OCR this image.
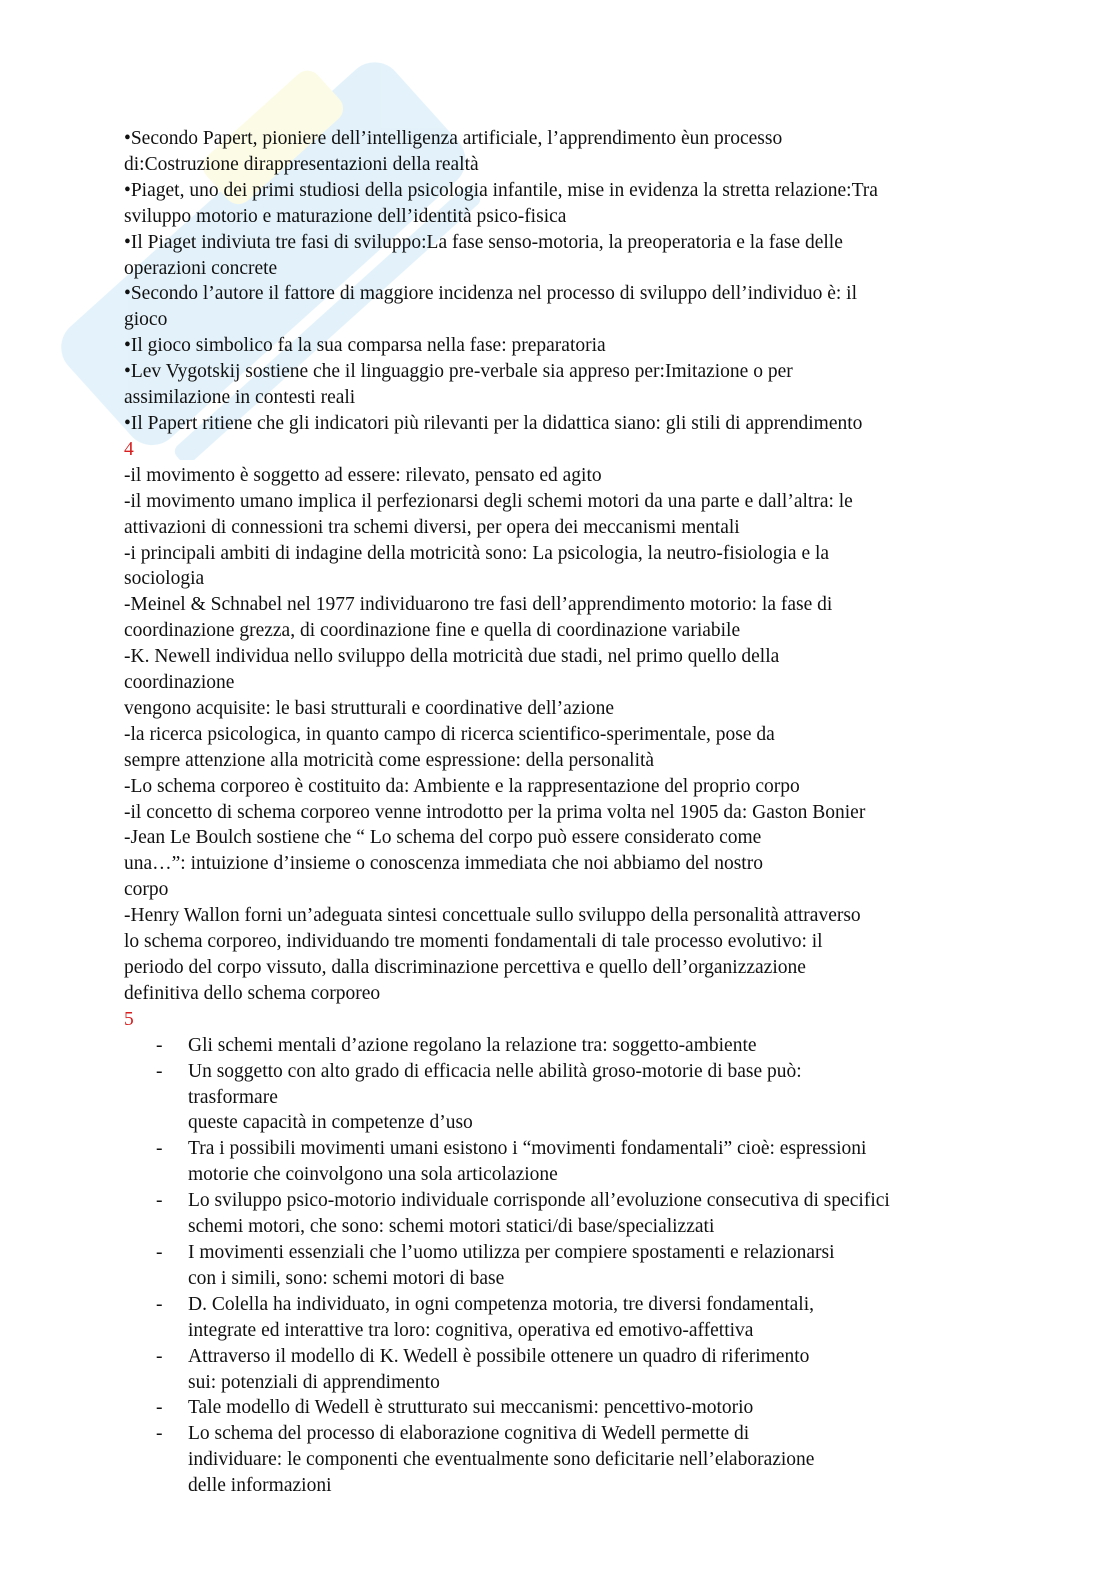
•Secondo Papert, pioniere dell’intelligenza artificiale, l’apprendimento èun processo
di:Costruzione dirappresentazioni della realtà
•Piaget, uno dei primi studiosi della psicologia infantile, mise in evidenza la stretta relazione:Tra
sviluppo motorio e maturazione dell’identità psico-fisica
•Il Piaget indiviuta tre fasi di sviluppo:La fase senso-motoria, la preoperatoria e la fase delle
operazioni concrete
•Secondo l’autore il fattore di maggiore incidenza nel processo di sviluppo dell’individuo è: il
gioco
•Il gioco simbolico fa la sua comparsa nella fase: preparatoria
•Lev Vygotskij sostiene che il linguaggio pre-verbale sia appreso per:Imitazione o per
assimilazione in contesti reali
•Il Papert ritiene che gli indicatori più rilevanti per la didattica siano: gli stili di apprendimento
4
-il movimento è soggetto ad essere: rilevato, pensato ed agito
-il movimento umano implica il perfezionarsi degli schemi motori da una parte e dall’altra: le
attivazioni di connessioni tra schemi diversi, per opera dei meccanismi mentali
-i principali ambiti di indagine della motricità sono: La psicologia, la neutro-fisiologia e la
sociologia
-Meinel & Schnabel nel 1977 individuarono tre fasi dell’apprendimento motorio: la fase di
coordinazione grezza, di coordinazione fine e quella di coordinazione variabile
-K. Newell individua nello sviluppo della motricità due stadi, nel primo quello della
coordinazione
vengono acquisite: le basi strutturali e coordinative dell’azione
-la ricerca psicologica, in quanto campo di ricerca scientifico-sperimentale, pose da
sempre attenzione alla motricità come espressione: della personalità
-Lo schema corporeo è costituito da: Ambiente e la rappresentazione del proprio corpo
-il concetto di schema corporeo venne introdotto per la prima volta nel 1905 da: Gaston Bonier
-Jean Le Boulch sostiene che “ Lo schema del corpo può essere considerato come
una…”: intuizione d’insieme o conoscenza immediata che noi abbiamo del nostro
corpo
-Henry Wallon forni un’adeguata sintesi concettuale sullo sviluppo della personalità attraverso
lo schema corporeo, individuando tre momenti fondamentali di tale processo evolutivo: il
periodo del corpo vissuto, dalla discriminazione percettiva e quello dell’organizzazione
definitiva dello schema corporeo
5
- Gli schemi mentali d’azione regolano la relazione tra: soggetto-ambiente
- Un soggetto con alto grado di efficacia nelle abilità groso-motorie di base può:
trasformare
queste capacità in competenze d’uso
- Tra i possibili movimenti umani esistono i “movimenti fondamentali” cioè: espressioni
motorie che coinvolgono una sola articolazione
- Lo sviluppo psico-motorio individuale corrisponde all’evoluzione consecutiva di specifici
schemi motori, che sono: schemi motori statici/di base/specializzati
- I movimenti essenziali che l’uomo utilizza per compiere spostamenti e relazionarsi
con i simili, sono: schemi motori di base
- D. Colella ha individuato, in ogni competenza motoria, tre diversi fondamentali,
integrate ed interattive tra loro: cognitiva, operativa ed emotivo-affettiva
- Attraverso il modello di K. Wedell è possibile ottenere un quadro di riferimento
sui: potenziali di apprendimento
- Tale modello di Wedell è strutturato sui meccanismi: pencettivo-motorio
- Lo schema del processo di elaborazione cognitiva di Wedell permette di
individuare: le componenti che eventualmente sono deficitarie nell’elaborazione
delle informazioni
